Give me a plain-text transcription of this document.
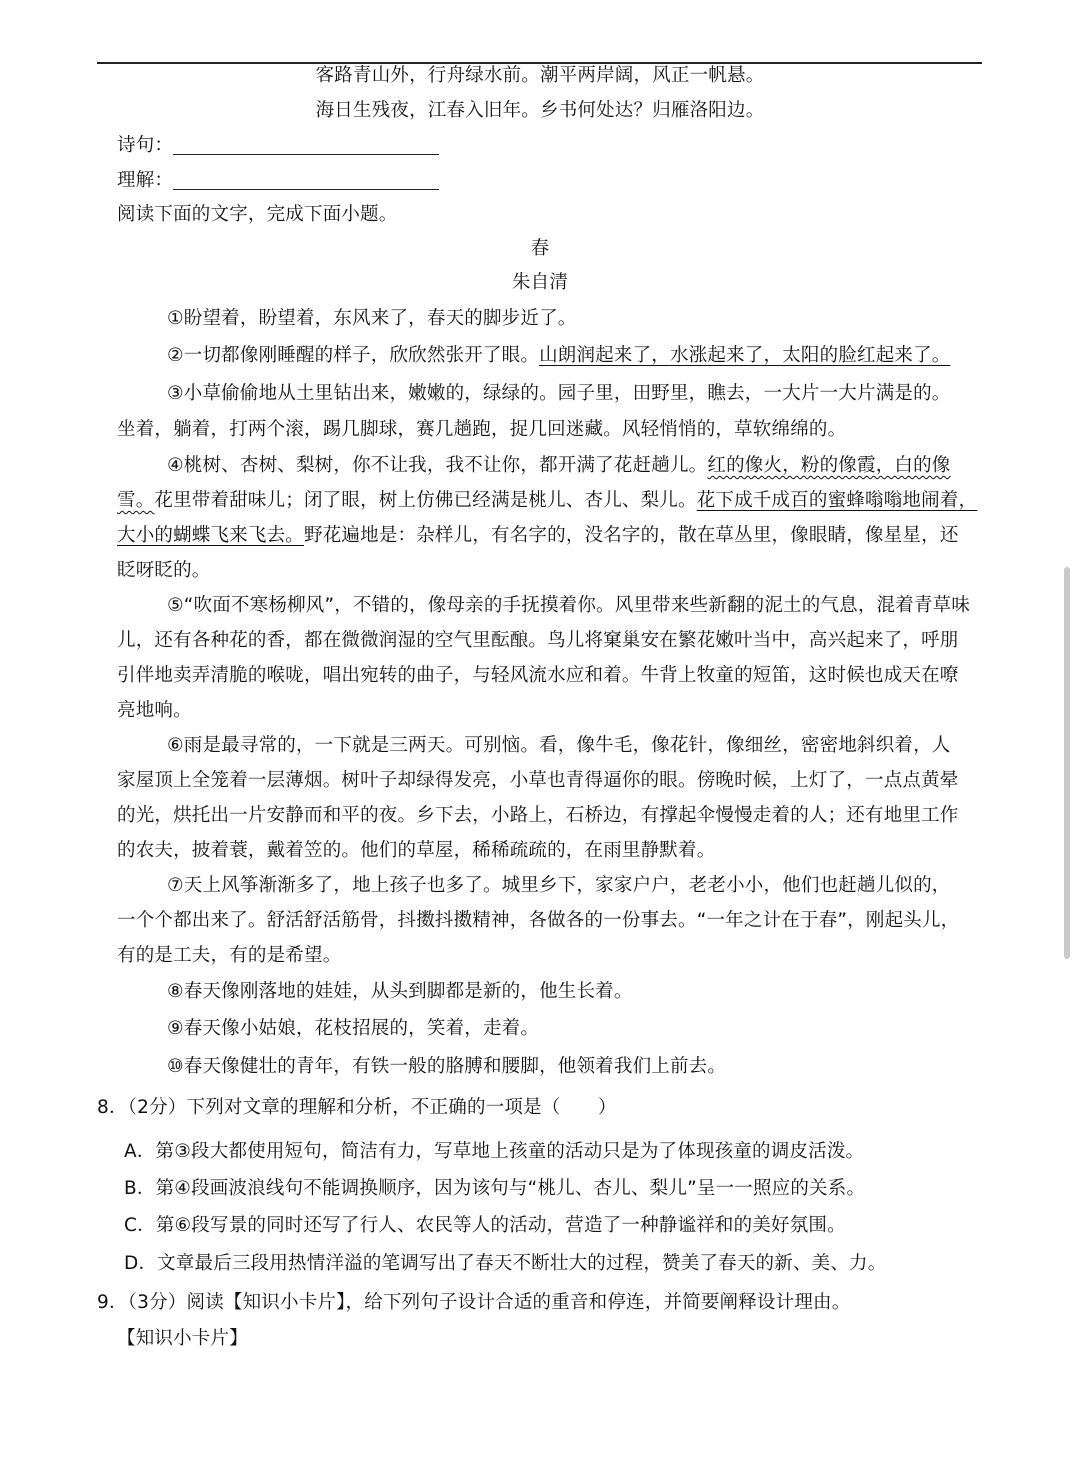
客路青山外，行舟绿水前。潮平两岸阔，风正一帆悬。
海日生残夜，江春入旧年。乡书何处达？归雁洛阳边。
诗句：
理解：
阅读下面的文字，完成下面小题。
春
朱自清
①盼望着，盼望着，东风来了，春天的脚步近了。
②一切都像刚睡醒的样子，欣欣然张开了眼。山朗润起来了，水涨起来了，太阳的脸红起来了。
③小草偷偷地从土里钻出来，嫩嫩的，绿绿的。园子里，田野里，瞧去，一大片一大片满是的。
坐着，躺着，打两个滚，踢几脚球，赛几趟跑，捉几回迷藏。风轻悄悄的，草软绵绵的。
④桃树、杏树、梨树，你不让我，我不让你，都开满了花赶趟儿。红的像火，粉的像霞，白的像
雪。花里带着甜味儿；闭了眼，树上仿佛已经满是桃儿、杏儿、梨儿。花下成千成百的蜜蜂嗡嗡地闹着，
大小的蝴蝶飞来飞去。野花遍地是：杂样儿，有名字的，没名字的，散在草丛里，像眼睛，像星星，还
眨呀眨的。
⑤“吹面不寒杨柳风”，不错的，像母亲的手抚摸着你。风里带来些新翻的泥土的气息，混着青草味
儿，还有各种花的香，都在微微润湿的空气里酝酿。鸟儿将窠巢安在繁花嫩叶当中，高兴起来了，呼朋
引伴地卖弄清脆的喉咙，唱出宛转的曲子，与轻风流水应和着。牛背上牧童的短笛，这时候也成天在嘹
亮地响。
⑥雨是最寻常的，一下就是三两天。可别恼。看，像牛毛，像花针，像细丝，密密地斜织着，人
家屋顶上全笼着一层薄烟。树叶子却绿得发亮，小草也青得逼你的眼。傍晚时候，上灯了，一点点黄晕
的光，烘托出一片安静而和平的夜。乡下去，小路上，石桥边，有撑起伞慢慢走着的人；还有地里工作
的农夫，披着蓑，戴着笠的。他们的草屋，稀稀疏疏的，在雨里静默着。
⑦天上风筝渐渐多了，地上孩子也多了。城里乡下，家家户户，老老小小，他们也赶趟儿似的，
一个个都出来了。舒活舒活筋骨，抖擞抖擞精神，各做各的一份事去。“一年之计在于春”，刚起头儿，
有的是工夫，有的是希望。
⑧春天像刚落地的娃娃，从头到脚都是新的，他生长着。
⑨春天像小姑娘，花枝招展的，笑着，走着。
⑩春天像健壮的青年，有铁一般的胳膊和腰脚，他领着我们上前去。
8．（2分）下列对文章的理解和分析，不正确的一项是（　　）
A．第③段大都使用短句，简洁有力，写草地上孩童的活动只是为了体现孩童的调皮活泼。
B．第④段画波浪线句不能调换顺序，因为该句与“桃儿、杏儿、梨儿”呈一一照应的关系。
C．第⑥段写景的同时还写了行人、农民等人的活动，营造了一种静谧祥和的美好氛围。
D．文章最后三段用热情洋溢的笔调写出了春天不断壮大的过程，赞美了春天的新、美、力。
9．（3分）阅读【知识小卡片】，给下列句子设计合适的重音和停连，并简要阐释设计理由。
【知识小卡片】
